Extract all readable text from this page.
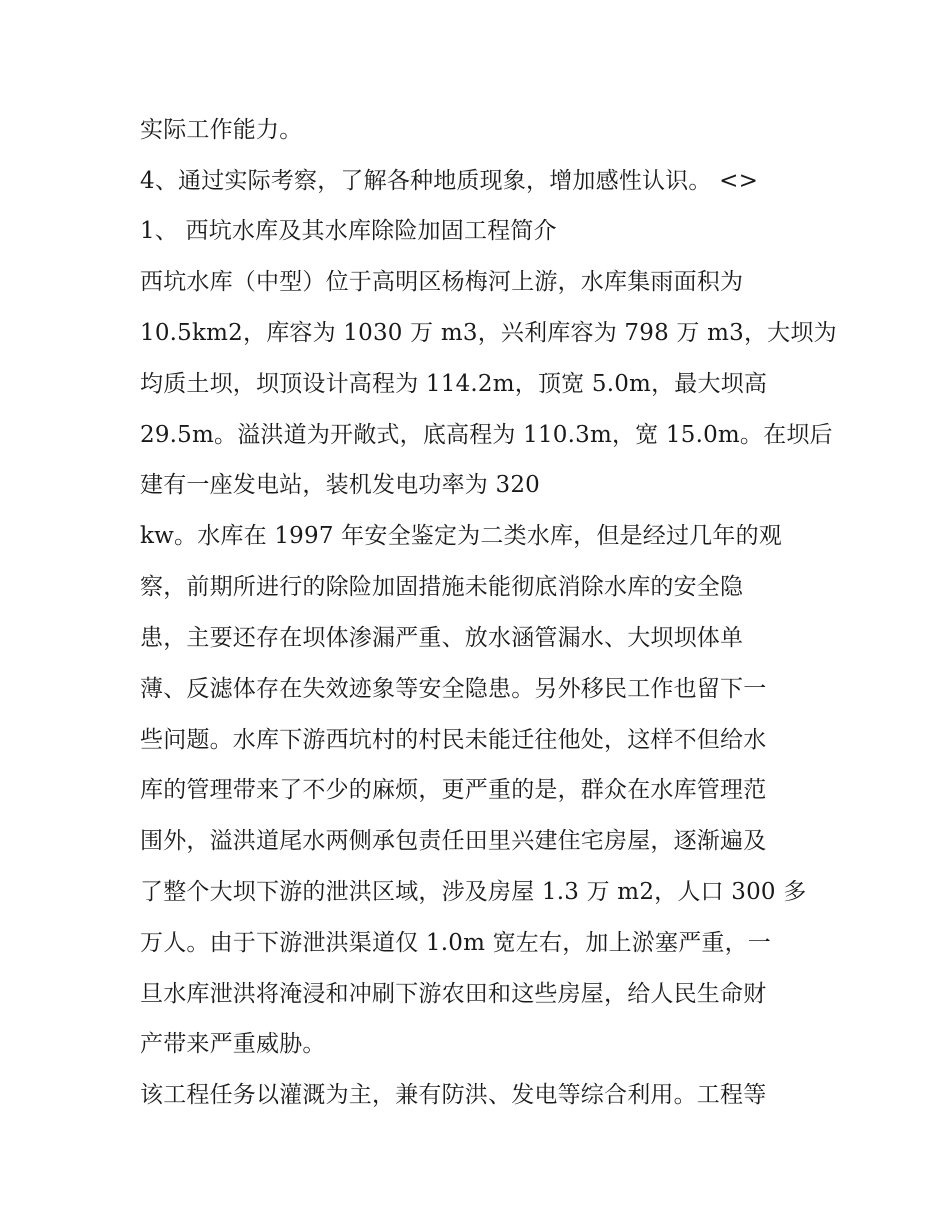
实际工作能力。
4、通过实际考察，了解各种地质现象，增加感性认识。 <>
1、 西坑水库及其水库除险加固工程简介
西坑水库（中型）位于高明区杨梅河上游，水库集雨面积为
10.5km2，库容为 1030 万 m3，兴利库容为 798 万 m3，大坝为
均质土坝，坝顶设计高程为 114.2m，顶宽 5.0m，最大坝高
29.5m。溢洪道为开敞式，底高程为 110.3m，宽 15.0m。在坝后
建有一座发电站，装机发电功率为 320
kw。水库在 1997 年安全鉴定为二类水库，但是经过几年的观
察，前期所进行的除险加固措施未能彻底消除水库的安全隐
患，主要还存在坝体渗漏严重、放水涵管漏水、大坝坝体单
薄、反滤体存在失效迹象等安全隐患。另外移民工作也留下一
些问题。水库下游西坑村的村民未能迁往他处，这样不但给水
库的管理带来了不少的麻烦，更严重的是，群众在水库管理范
围外，溢洪道尾水两侧承包责任田里兴建住宅房屋，逐渐遍及
了整个大坝下游的泄洪区域，涉及房屋 1.3 万 m2，人口 300 多
万人。由于下游泄洪渠道仅 1.0m 宽左右，加上淤塞严重，一
旦水库泄洪将淹浸和冲刷下游农田和这些房屋，给人民生命财
产带来严重威胁。
该工程任务以灌溉为主，兼有防洪、发电等综合利用。工程等
